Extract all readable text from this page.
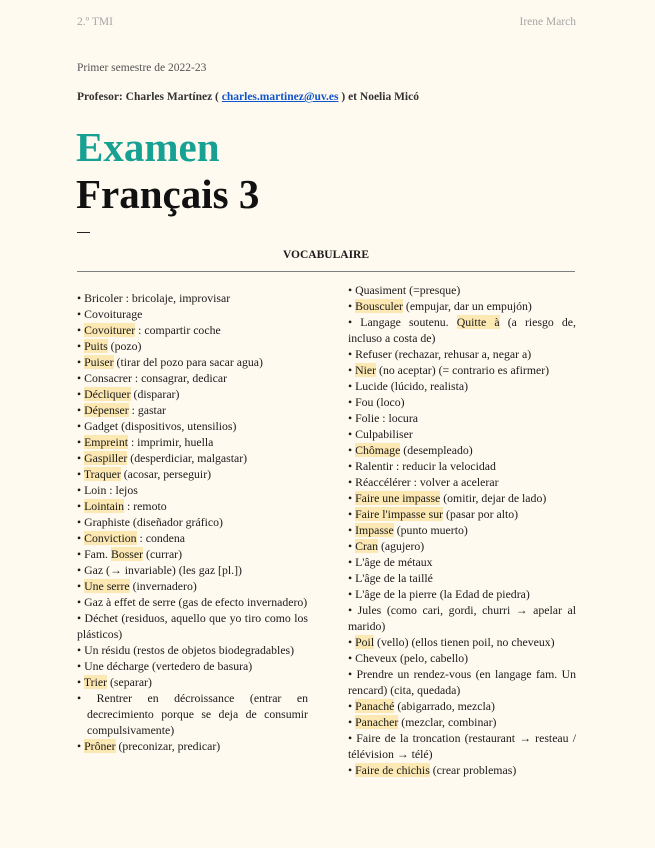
2.º TMI	Irene March
Primer semestre de 2022-23
Profesor: Charles Martínez ( charles.martinez@uv.es ) et Noelia Micó
Examen
Français 3
VOCABULAIRE
• Bricoler : bricolaje, improvisar
• Covoiturage
• Covoiturer : compartir coche
• Puits (pozo)
• Puiser (tirar del pozo para sacar agua)
• Consacrer : consagrar, dedicar
• Décliquer (disparar)
• Dépenser : gastar
• Gadget (dispositivos, utensilios)
• Empreint : imprimir, huella
• Gaspiller (desperdiciar, malgastar)
• Traquer (acosar, perseguir)
• Loin : lejos
• Lointain : remoto
• Graphiste (diseñador gráfico)
• Conviction : condena
• Fam. Bosser (currar)
• Gaz (→ invariable) (les gaz [pl.])
• Une serre (invernadero)
• Gaz à effet de serre (gas de efecto invernadero)
• Déchet (residuos, aquello que yo tiro como los plásticos)
• Un résidu (restos de objetos biodegradables)
• Une décharge (vertedero de basura)
• Trier (separar)
• Rentrer en décroissance (entrar en decrecimiento porque se deja de consumir compulsivamente)
• Prôner (preconizar, predicar)
• Quasiment (=presque)
• Bousculer (empujar, dar un empujón)
• Langage soutenu. Quitte à (a riesgo de, incluso a costa de)
• Refuser (rechazar, rehusar a, negar a)
• Nier (no aceptar) (= contrario es afirmer)
• Lucide (lúcido, realista)
• Fou (loco)
• Folie : locura
• Culpabiliser
• Chômage (desempleado)
• Ralentir : reducir la velocidad
• Réaccélérer : volver a acelerar
• Faire une impasse (omitir, dejar de lado)
• Faire l'impasse sur (pasar por alto)
• Impasse (punto muerto)
• Cran (agujero)
• L'âge de métaux
• L'âge de la taillé
• L'âge de la pierre (la Edad de piedra)
• Jules (como cari, gordi, churri → apelar al marido)
• Poil (vello) (ellos tienen poil, no cheveux)
• Cheveux (pelo, cabello)
• Prendre un rendez-vous (en langage fam. Un rencard) (cita, quedada)
• Panaché (abigarrado, mezcla)
• Panacher (mezclar, combinar)
• Faire de la troncation (restaurant → resteau / télévision → télé)
• Faire de chichis (crear problemas)
